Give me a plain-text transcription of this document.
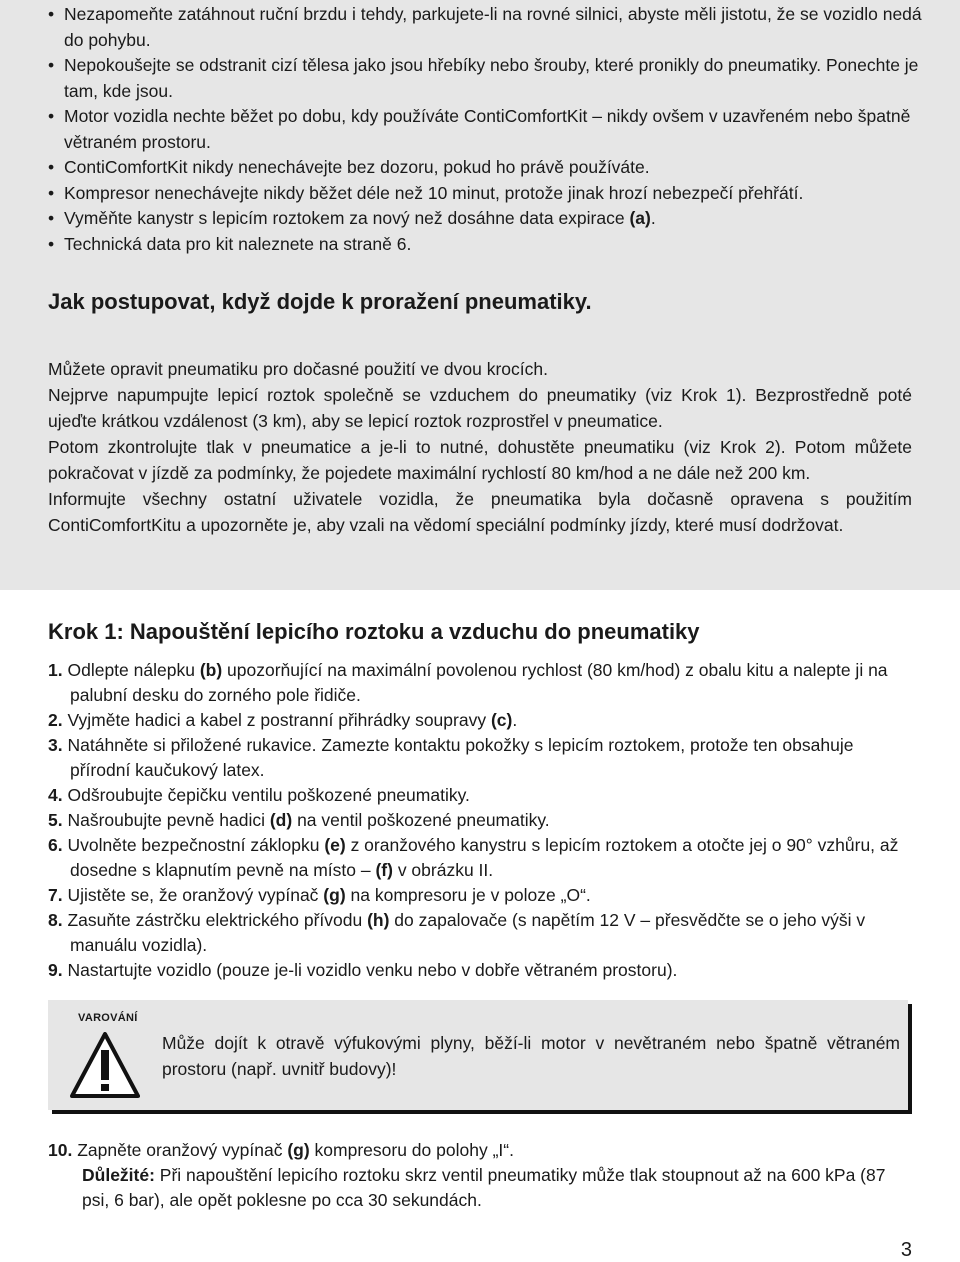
• Nezapomeňte zatáhnout ruční brzdu i tehdy, parkujete-li na rovné silnici, abyste měli jistotu, že se vozidlo nedá do pohybu.
• Nepokoušejte se odstranit cizí tělesa jako jsou hřebíky nebo šrouby, které pronikly do pneumatiky. Ponechte je tam, kde jsou.
• Motor vozidla nechte běžet po dobu, kdy používáte ContiComfortKit – nikdy ovšem v uzavřeném nebo špatně větraném prostoru.
• ContiComfortKit nikdy nenechávejte bez dozoru, pokud ho právě používáte.
• Kompresor nenechávejte nikdy běžet déle než 10 minut, protože jinak hrozí nebezpečí přehřátí.
• Vyměňte kanystr s lepicím roztokem za nový než dosáhne data expirace (a).
• Technická data pro kit naleznete na straně 6.
Jak postupovat, když dojde k proražení pneumatiky.

Můžete opravit pneumatiku pro dočasné použití ve dvou krocích.

Nejprve napumpujte lepicí roztok společně se vzduchem do pneumatiky (viz Krok 1). Bezprostředně poté ujeďte krátkou vzdálenost (3 km), aby se lepicí roztok rozprostřel v pneumatice.

Potom zkontrolujte tlak v pneumatice a je-li to nutné, dohustěte pneumatiku (viz Krok 2). Potom můžete pokračovat v jízdě za podmínky, že pojedete maximální rychlostí 80 km/hod a ne dále než 200 km.

Informujte všechny ostatní uživatele vozidla, že pneumatika byla dočasně opravena s použitím ContiComfortKitu a upozorněte je, aby vzali na vědomí speciální podmínky jízdy, které musí dodržovat.

Krok 1: Napouštění lepicího roztoku a vzduchu do pneumatiky
1. Odlepte nálepku (b) upozorňující na maximální povolenou rychlost (80 km/hod) z obalu kitu a nalepte ji na palubní desku do zorného pole řidiče.
2. Vyjměte hadici a kabel z postranní přihrádky soupravy (c).
3. Natáhněte si přiložené rukavice. Zamezte kontaktu pokožky s lepicím roztokem, protože ten obsahuje přírodní kaučukový latex.
4. Odšroubujte čepičku ventilu poškozené pneumatiky.
5. Našroubujte pevně hadici (d) na ventil poškozené pneumatiky.
6. Uvolněte bezpečnostní záklopku (e) z oranžového kanystru s lepicím roztokem a otočte jej o 90° vzhůru, až dosedne s klapnutím pevně na místo – (f) v obrázku II.
7. Ujistěte se, že oranžový vypínač (g) na kompresoru je v poloze „O“.
8. Zasuňte zástrčku elektrického přívodu (h) do zapalovače (s napětím 12 V – přesvědčte se o jeho výši v manuálu vozidla).
9. Nastartujte vozidlo (pouze je-li vozidlo venku nebo v dobře větraném prostoru).
VAROVÁNÍ
Může dojít k otravě výfukovými plyny, běží-li motor v nevětraném nebo špatně větraném prostoru (např. uvnitř budovy)!
10. Zapněte oranžový vypínač (g) kompresoru do polohy „I“.
Důležité: Při napouštění lepicího roztoku skrz ventil pneumatiky může tlak stoupnout až na 600 kPa (87 psi, 6 bar), ale opět poklesne po cca 30 sekundách.
3
